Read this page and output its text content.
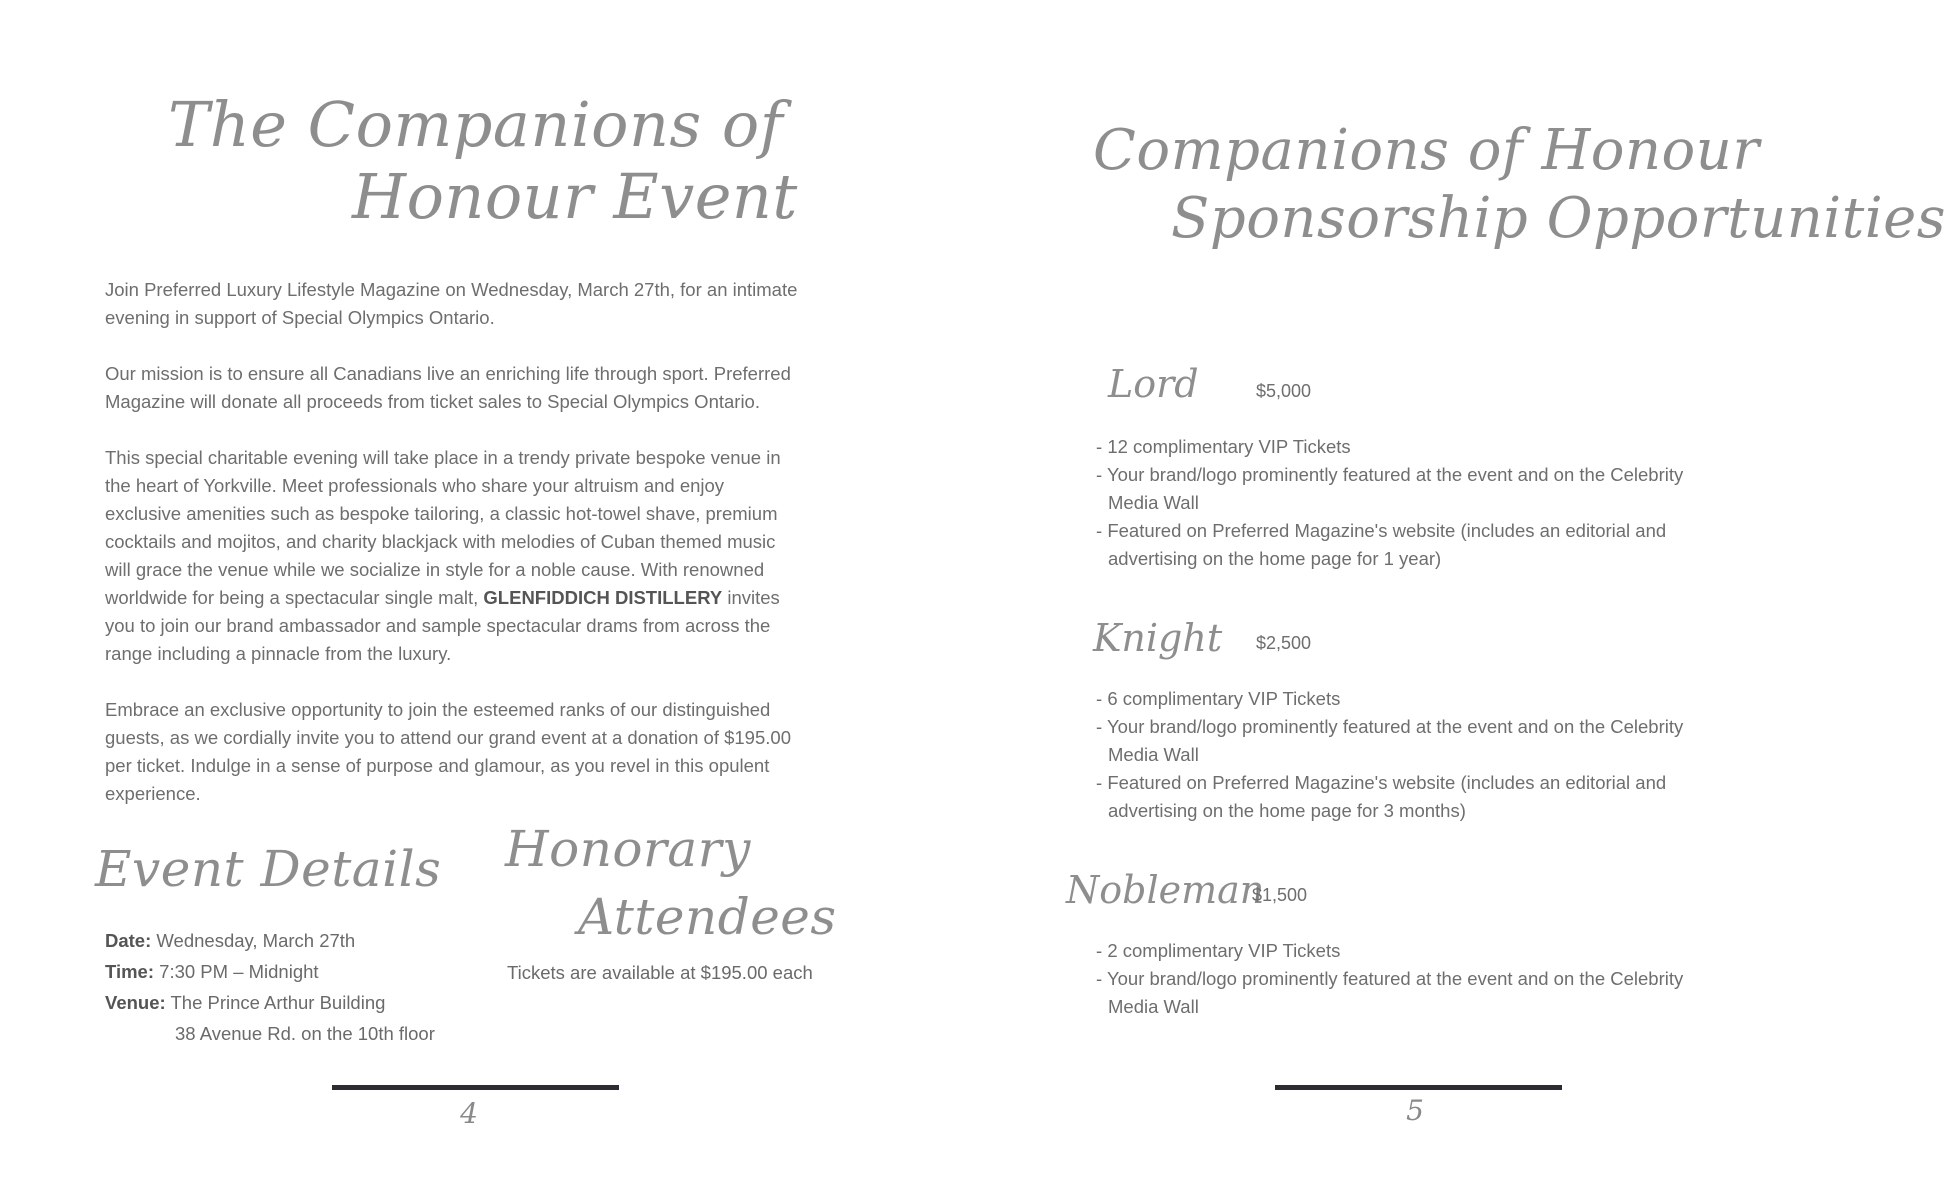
The Companions of
Honour Event

Join Preferred Luxury Lifestyle Magazine on Wednesday, March 27th, for an intimate evening in support of Special Olympics Ontario.

Our mission is to ensure all Canadians live an enriching life through sport. Preferred Magazine will donate all proceeds from ticket sales to Special Olympics Ontario.

This special charitable evening will take place in a trendy private bespoke venue in the heart of Yorkville. Meet professionals who share your altruism and enjoy exclusive amenities such as bespoke tailoring, a classic hot-towel shave, premium cocktails and mojitos, and charity blackjack with melodies of Cuban themed music will grace the venue while we socialize in style for a noble cause. With renowned worldwide for being a spectacular single malt, GLENFIDDICH DISTILLERY invites you to join our brand ambassador and sample spectacular drams from across the range including a pinnacle from the luxury.

Embrace an exclusive opportunity to join the esteemed ranks of our distinguished guests, as we cordially invite you to attend our grand event at a donation of $195.00 per ticket. Indulge in a sense of purpose and glamour, as you revel in this opulent experience.

Event Details
Date: Wednesday, March 27th
Time: 7:30 PM – Midnight
Venue: The Prince Arthur Building
38 Avenue Rd. on the 10th floor
Honorary
Attendees
Tickets are available at $195.00 each
4
Companions of Honour
Sponsorship Opportunities
Lord	$5,000
- 12 complimentary VIP Tickets
- Your brand/logo prominently featured at the event and on the Celebrity Media Wall
- Featured on Preferred Magazine's website (includes an editorial and advertising on the home page for 1 year)
Knight $2,500
- 6 complimentary VIP Tickets
- Your brand/logo prominently featured at the event and on the Celebrity Media Wall
- Featured on Preferred Magazine's website (includes an editorial and advertising on the home page for 3 months)
Nobleman
$1,500
- 2 complimentary VIP Tickets
- Your brand/logo prominently featured at the event and on the Celebrity Media Wall
5
